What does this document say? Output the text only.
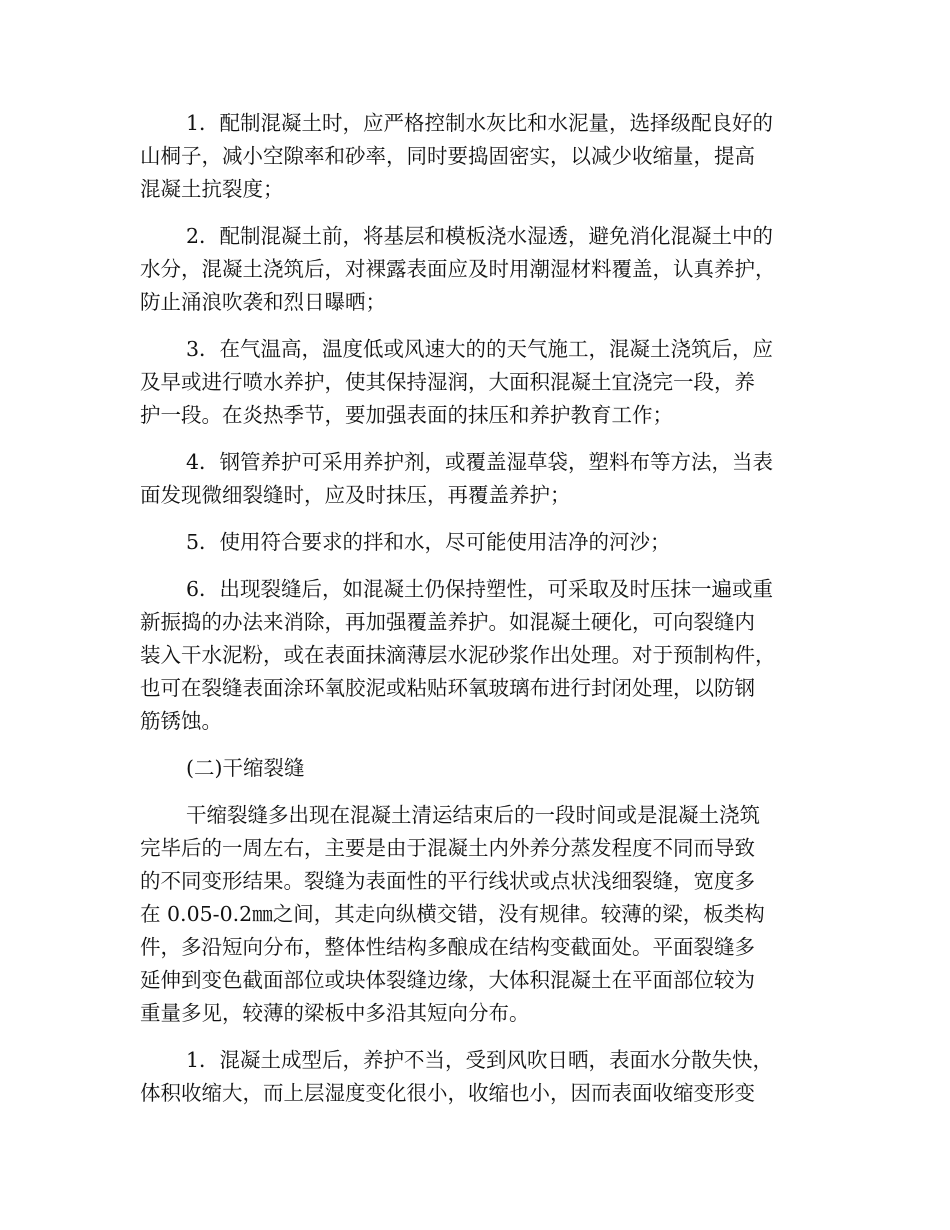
1．配制混凝土时，应严格控制水灰比和水泥量，选择级配良好的
山桐子，减小空隙率和砂率，同时要捣固密实，以减少收缩量，提高
混凝土抗裂度；
2．配制混凝土前，将基层和模板浇水湿透，避免消化混凝土中的
水分，混凝土浇筑后，对裸露表面应及时用潮湿材料覆盖，认真养护，
防止涌浪吹袭和烈日曝晒；
3．在气温高，温度低或风速大的的天气施工，混凝土浇筑后，应
及早或进行喷水养护，使其保持湿润，大面积混凝土宜浇完一段，养
护一段。在炎热季节，要加强表面的抹压和养护教育工作；
4．钢管养护可采用养护剂，或覆盖湿草袋，塑料布等方法，当表
面发现微细裂缝时，应及时抹压，再覆盖养护；
5．使用符合要求的拌和水，尽可能使用洁净的河沙；
6．出现裂缝后，如混凝土仍保持塑性，可采取及时压抹一遍或重
新振捣的办法来消除，再加强覆盖养护。如混凝土硬化，可向裂缝内
装入干水泥粉，或在表面抹滴薄层水泥砂浆作出处理。对于预制构件，
也可在裂缝表面涂环氧胶泥或粘贴环氧玻璃布进行封闭处理，以防钢
筋锈蚀。
(二)干缩裂缝
干缩裂缝多出现在混凝土清运结束后的一段时间或是混凝土浇筑
完毕后的一周左右，主要是由于混凝土内外养分蒸发程度不同而导致
的不同变形结果。裂缝为表面性的平行线状或点状浅细裂缝，宽度多
在 0.05-0.2㎜之间，其走向纵横交错，没有规律。较薄的梁，板类构
件，多沿短向分布，整体性结构多酿成在结构变截面处。平面裂缝多
延伸到变色截面部位或块体裂缝边缘，大体积混凝土在平面部位较为
重量多见，较薄的梁板中多沿其短向分布。
1．混凝土成型后，养护不当，受到风吹日晒，表面水分散失快，
体积收缩大，而上层湿度变化很小，收缩也小，因而表面收缩变形变
